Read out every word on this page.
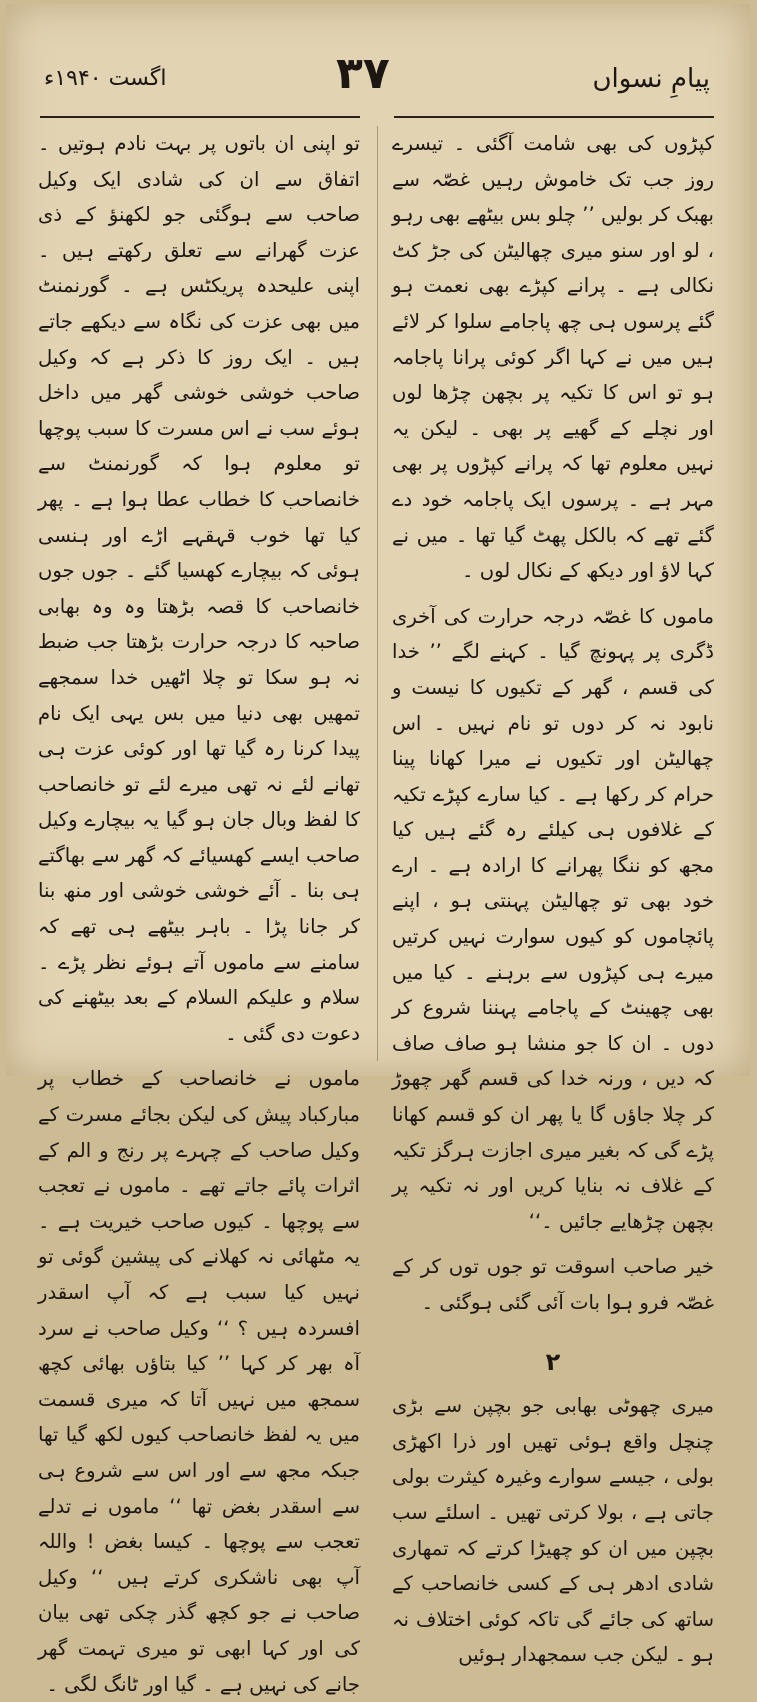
اگست ۱۹۴۰ء	۳۷	پیامِ نسواں

کپڑوں کی بھی شامت آگئی ۔ تیسرے روز جب تک خاموش رہیں غصّہ سے بھبک کر بولیں ’’ چلو بس بیٹھے بھی رہو ، لو اور سنو میری چھالیٹن کی جڑ کٹ نکالی ہے ۔ پرانے کپڑے بھی نعمت ہو گئے پرسوں ہی چھ پاجامے سلوا کر لائے ہیں میں نے کہا اگر کوئی پرانا پاجامہ ہو تو اس کا تکیہ پر بچھن چڑھا لوں اور نچلے کے گھیے پر بھی ۔ لیکن یہ نہیں معلوم تھا کہ پرانے کپڑوں پر بھی مہر ہے ۔ پرسوں ایک پاجامہ خود دے گئے تھے کہ بالکل پھٹ گیا تھا ۔ میں نے کہا لاؤ اور دیکھ کے نکال لوں ۔

ماموں کا غصّہ درجہ حرارت کی آخری ڈگری پر پہونچ گیا ۔ کہنے لگے ’’ خدا کی قسم ، گھر کے تکیوں کا نیست و نابود نہ کر دوں تو نام نہیں ۔ اس چھالیٹن اور تکیوں نے میرا کھانا پینا حرام کر رکھا ہے ۔ کیا سارے کپڑے تکیہ کے غلافوں ہی کیلئے رہ گئے ہیں کیا مجھ کو ننگا پھرانے کا ارادہ ہے ۔ ارے خود بھی تو چھالیٹن پہنتی ہو ، اپنے پائچاموں کو کیوں سوارت نہیں کرتیں میرے ہی کپڑوں سے برہنے ۔ کیا میں بھی چھینٹ کے پاجامے پہننا شروع کر دوں ۔ ان کا جو منشا ہو صاف صاف کہ دیں ، ورنہ خدا کی قسم گھر چھوڑ کر چلا جاؤں گا یا پھر ان کو قسم کھانا پڑے گی کہ بغیر میری اجازت ہرگز تکیہ کے غلاف نہ بنایا کریں اور نہ تکیہ پر بچھن چڑھایے جائیں ۔‘‘

خیر صاحب اسوقت تو جوں توں کر کے غصّہ فرو ہوا بات آئی گئی ہوگئی ۔

۲

میری چھوٹی بھابی جو بچپن سے بڑی چنچل واقع ہوئی تھیں اور ذرا اکھڑی بولی ، جیسے سوارے وغیرہ کیثرت بولی جاتی ہے ، بولا کرتی تھیں ۔ اسلئے سب بچپن میں ان کو چھیڑا کرتے کہ تمھاری شادی ادھر ہی کے کسی خانصاحب کے ساتھ کی جائے گی تاکہ کوئی اختلاف نہ ہو ۔ لیکن جب سمجھدار ہوئیں

تو اپنی ان باتوں پر بہت نادم ہوتیں ۔ اتفاق سے ان کی شادی ایک وکیل صاحب سے ہوگئی جو لکھنؤ کے ذی عزت گھرانے سے تعلق رکھتے ہیں ۔ اپنی علیحدہ پریکٹس ہے ۔ گورنمنٹ میں بھی عزت کی نگاہ سے دیکھے جاتے ہیں ۔ ایک روز کا ذکر ہے کہ وکیل صاحب خوشی خوشی گھر میں داخل ہوئے سب نے اس مسرت کا سبب پوچھا تو معلوم ہوا کہ گورنمنٹ سے خانصاحب کا خطاب عطا ہوا ہے ۔ پھر کیا تھا خوب قہقہے اڑے اور ہنسی ہوئی کہ بیچارے کھسیا گئے ۔ جوں جوں خانصاحب کا قصہ بڑھتا وہ وہ بھابی صاحبہ کا درجہ حرارت بڑھتا جب ضبط نہ ہو سکا تو چلا اٹھیں خدا سمجھے تمھیں بھی دنیا میں بس یہی ایک نام پیدا کرنا رہ گیا تھا اور کوئی عزت ہی تھانے لئے نہ تھی میرے لئے تو خانصاحب کا لفظ وبال جان ہو گیا یہ بیچارے وکیل صاحب ایسے کھسیائے کہ گھر سے بھاگتے ہی بنا ۔ آئے خوشی خوشی اور منھ بنا کر جانا پڑا ۔ باہر بیٹھے ہی تھے کہ سامنے سے ماموں آتے ہوئے نظر پڑے ۔ سلام و علیکم السلام کے بعد بیٹھنے کی دعوت دی گئی ۔

ماموں نے خانصاحب کے خطاب پر مبارکباد پیش کی لیکن بجائے مسرت کے وکیل صاحب کے چہرے پر رنج و الم کے اثرات پائے جاتے تھے ۔ ماموں نے تعجب سے پوچھا ۔ کیوں صاحب خیریت ہے ۔ یہ مٹھائی نہ کھلانے کی پیشین گوئی تو نہیں کیا سبب ہے کہ آپ اسقدر افسردہ ہیں ؟ ‘‘ وکیل صاحب نے سرد آہ بھر کر کہا ’’ کیا بتاؤں بھائی کچھ سمجھ میں نہیں آتا کہ میری قسمت میں یہ لفظ خانصاحب کیوں لکھ گیا تھا جبکہ مجھ سے اور اس سے شروع ہی سے اسقدر بغض تھا ‘‘ ماموں نے تدلے تعجب سے پوچھا ۔ کیسا بغض ! واللہ آپ بھی ناشکری کرتے ہیں ‘‘ وکیل صاحب نے جو کچھ گذر چکی تھی بیان کی اور کہا ابھی تو میری تہمت گھر جانے کی نہیں ہے ۔ گیا اور ٹانگ لگی ۔
